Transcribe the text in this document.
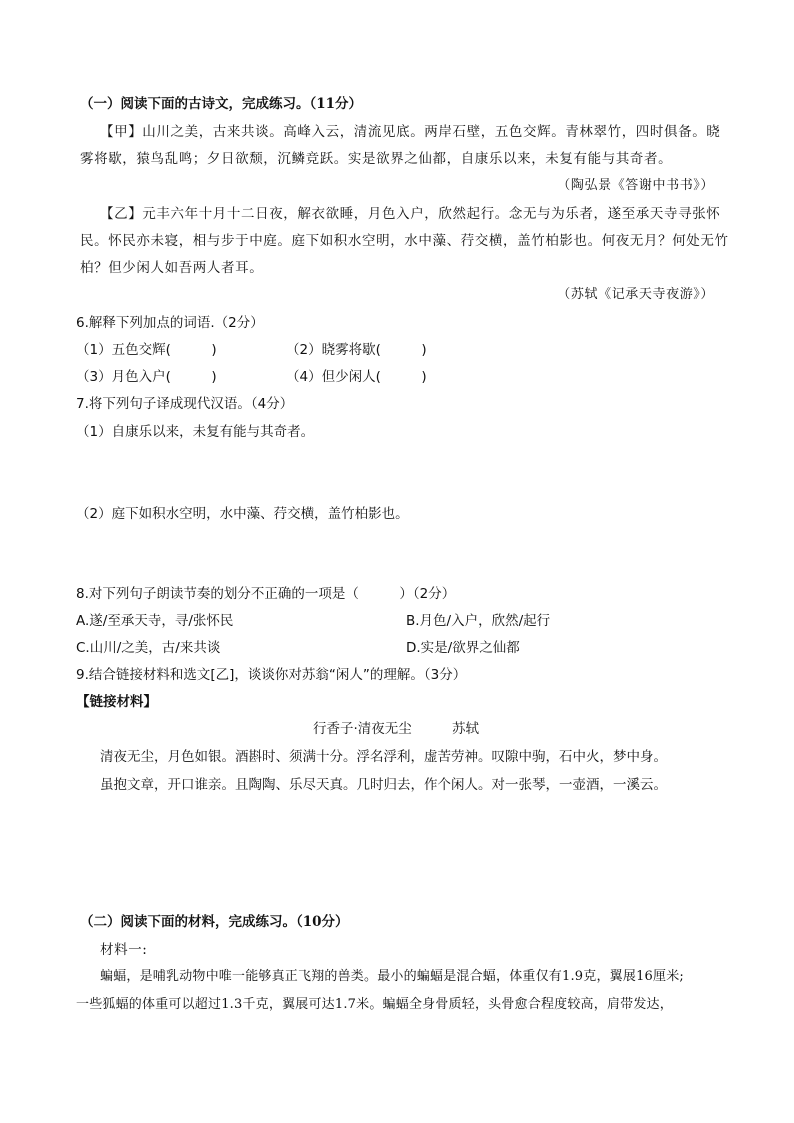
（一）阅读下面的古诗文，完成练习。（11分）
【甲】山川之美，古来共谈。高峰入云，清流见底。两岸石壁，五色交辉。青林翠竹，四时俱备。晓
雾将歇，猿鸟乱鸣；夕日欲颓，沉鳞竞跃。实是欲界之仙都，自康乐以来，未复有能与其奇者。
（陶弘景《答谢中书书》）
【乙】元丰六年十月十二日夜，解衣欲睡，月色入户，欣然起行。念无与为乐者，遂至承天寺寻张怀
民。怀民亦未寝，相与步于中庭。庭下如积水空明，水中藻、荇交横，盖竹柏影也。何夜无月？何处无竹
柏？但少闲人如吾两人者耳。
（苏轼《记承天寺夜游》）
6.解释下列加点的词语.（2分）
（1）五色交辉(　　　)	（2）晓雾将歇(　　　)
（3）月色入户(　　　)	（4）但少闲人(　　　)
7.将下列句子译成现代汉语。（4分）
（1）自康乐以来，未复有能与其奇者。
（2）庭下如积水空明，水中藻、荇交横，盖竹柏影也。
8.对下列句子朗读节奏的划分不正确的一项是（　　　）（2分）
A.遂/至承天寺，寻/张怀民	B.月色/入户，欣然/起行
C.山川/之美，古/来共谈	D.实是/欲界之仙都
9.结合链接材料和选文[乙]，谈谈你对苏翁“闲人”的理解。（3分）
【链接材料】
行香子·清夜无尘	苏轼
清夜无尘，月色如银。酒斟时、须满十分。浮名浮利，虚苦劳神。叹隙中驹，石中火，梦中身。
虽抱文章，开口谁亲。且陶陶、乐尽天真。几时归去，作个闲人。对一张琴，一壶酒，一溪云。
（二）阅读下面的材料，完成练习。（10分）
材料一:
蝙蝠，是哺乳动物中唯一能够真正飞翔的兽类。最小的蝙蝠是混合蝠，体重仅有1.9克，翼展16厘米;
一些狐蝠的体重可以超过1.3千克，翼展可达1.7米。蝙蝠全身骨质轻，头骨愈合程度较高，肩带发达，
